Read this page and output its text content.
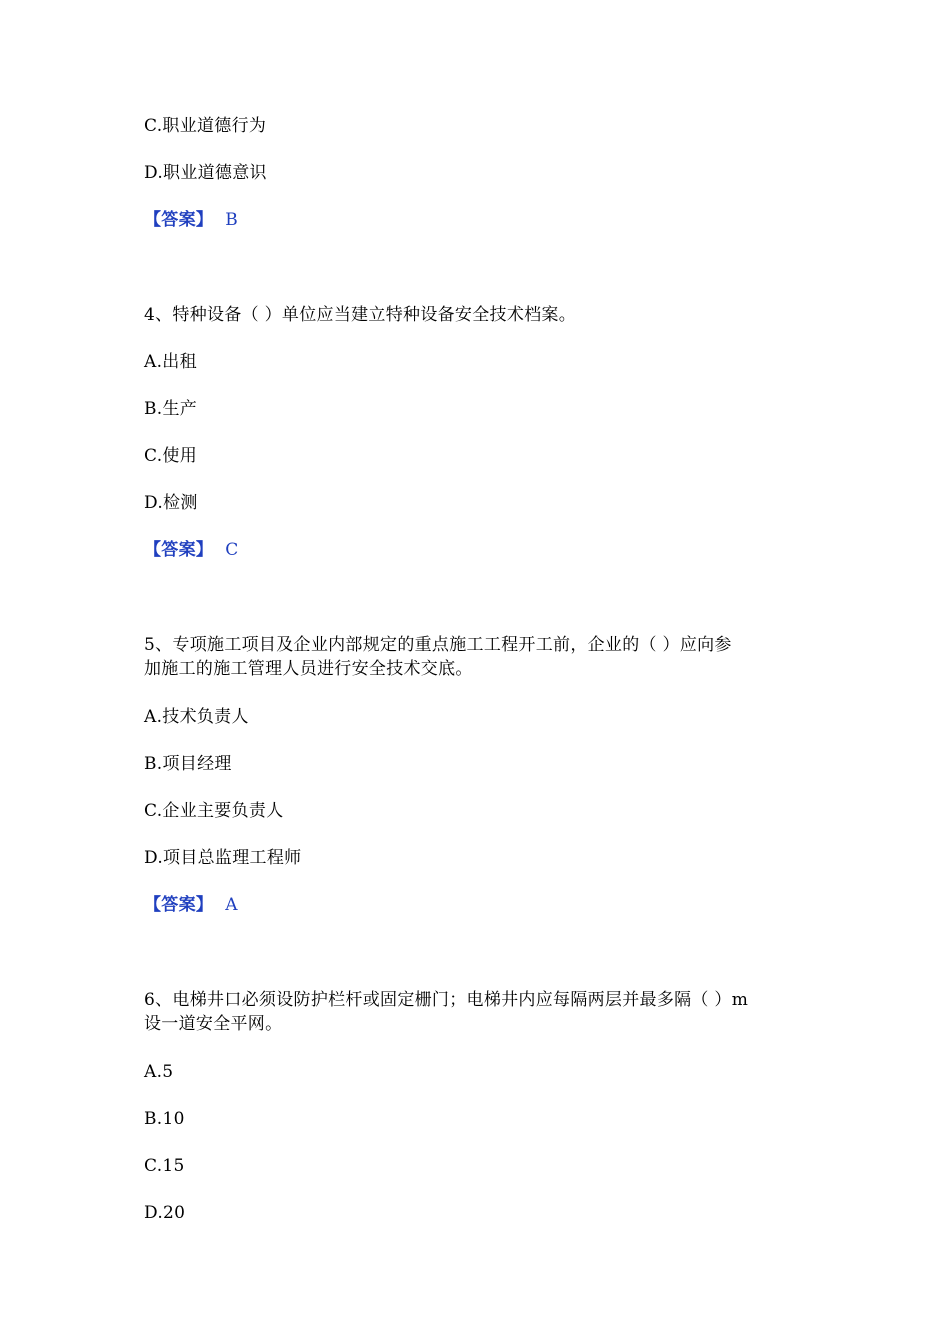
C.职业道德行为
D.职业道德意识
【答案】 B
4、特种设备（ ）单位应当建立特种设备安全技术档案。
A.出租
B.生产
C.使用
D.检测
【答案】 C
5、专项施工项目及企业内部规定的重点施工工程开工前，企业的（ ）应向参
加施工的施工管理人员进行安全技术交底。
A.技术负责人
B.项目经理
C.企业主要负责人
D.项目总监理工程师
【答案】 A
6、电梯井口必须设防护栏杆或固定栅门；电梯井内应每隔两层并最多隔（ ）m
设一道安全平网。
A.5
B.10
C.15
D.20
